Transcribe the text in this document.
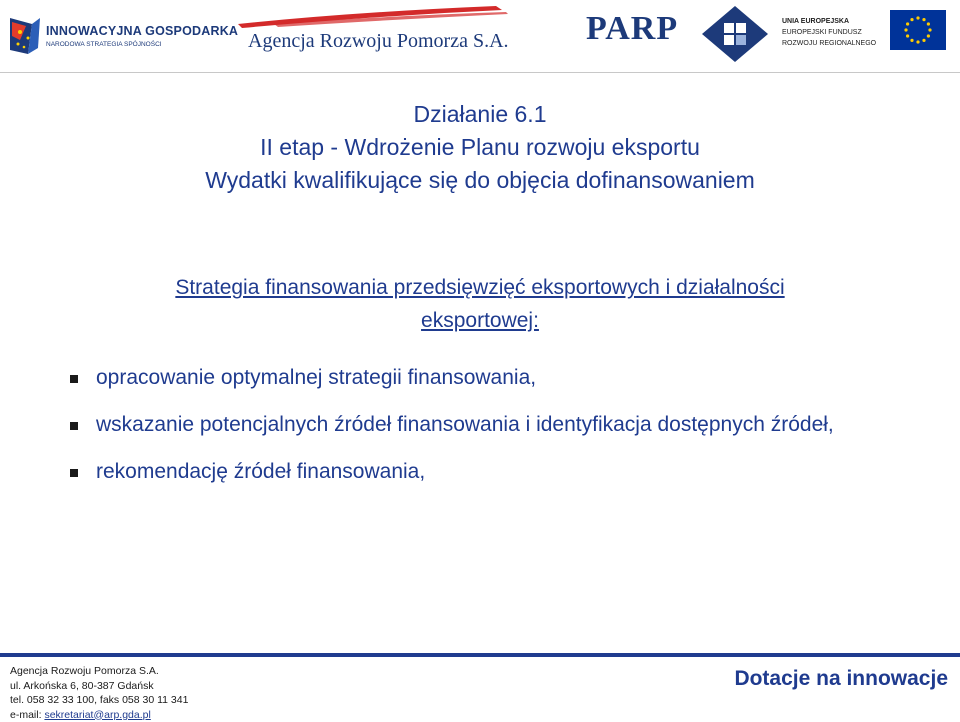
INNOWACYJNA GOSPODARKA
NARODOWA STRATEGIA SPÓJNOŚCI	Agencja Rozwoju Pomorza S.A. PARP	UNIA EUROPEJSKA
EUROPEJSKI FUNDUSZ
ROZWOJU REGIONALNEGO
Działanie 6.1
II etap - Wdrożenie Planu rozwoju eksportu
Wydatki kwalifikujące się do objęcia dofinansowaniem
Strategia finansowania przedsięwzięć eksportowych i działalności
eksportowej:
opracowanie optymalnej strategii finansowania,
wskazanie potencjalnych źródeł finansowania i identyfikacja dostępnych źródeł,
rekomendację źródeł finansowania,
Agencja Rozwoju Pomorza S.A.
ul. Arkońska 6, 80-387 Gdańsk
tel. 058 32 33 100, faks 058 30 11 341
e-mail: sekretariat@arp.gda.pl
Dotacje na innowacje
